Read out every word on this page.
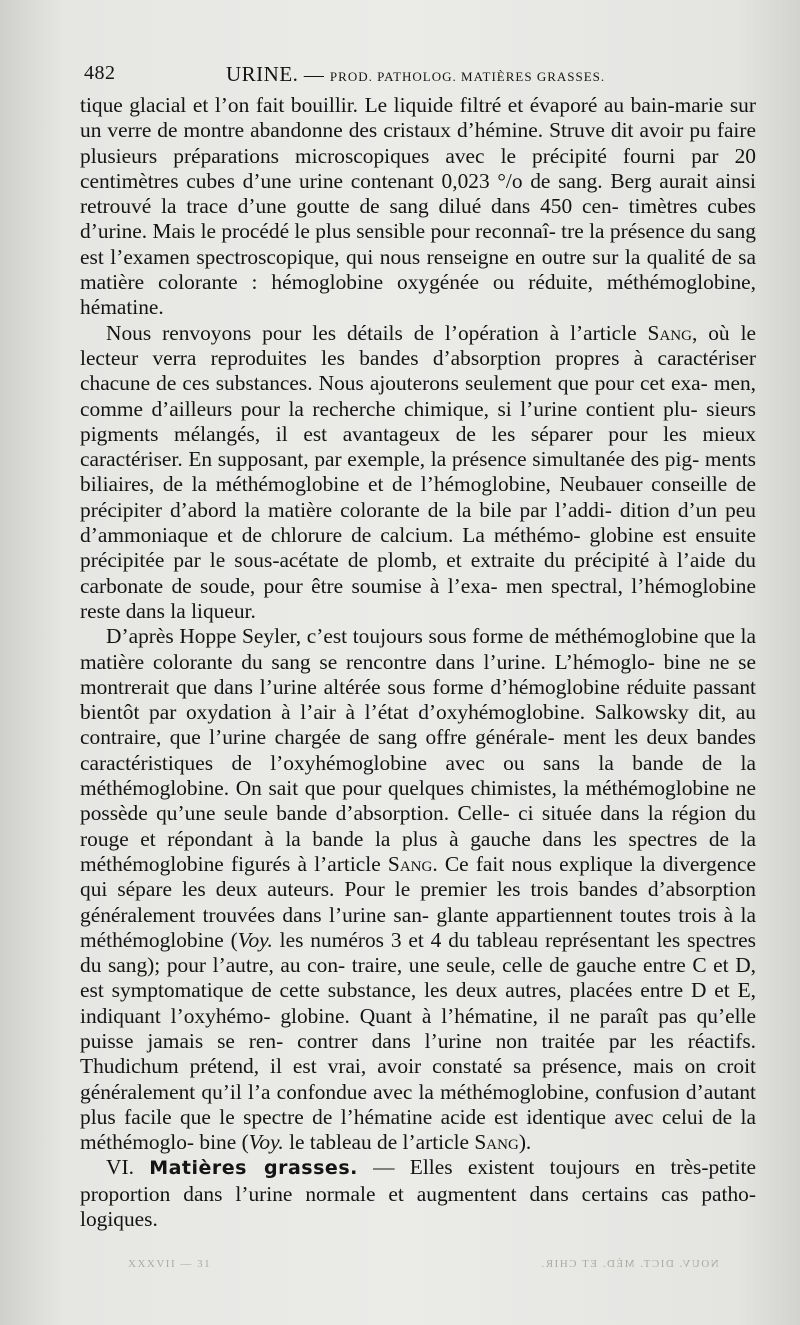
482	URINE. — PROD. PATHOLOG. MATIÈRES GRASSES.

tique glacial et l’on fait bouillir. Le liquide filtré et évaporé au bain-marie sur un verre de montre abandonne des cristaux d’hémine. Struve dit avoir pu faire plusieurs préparations microscopiques avec le précipité fourni par 20 centimètres cubes d’une urine contenant 0,023 °/o de sang. Berg aurait ainsi retrouvé la trace d’une goutte de sang dilué dans 450 cen- timètres cubes d’urine. Mais le procédé le plus sensible pour reconnaî- tre la présence du sang est l’examen spectroscopique, qui nous renseigne en outre sur la qualité de sa matière colorante : hémoglobine oxygénée ou réduite, méthémoglobine, hématine.

Nous renvoyons pour les détails de l’opération à l’article Sang, où le lecteur verra reproduites les bandes d’absorption propres à caractériser chacune de ces substances. Nous ajouterons seulement que pour cet exa- men, comme d’ailleurs pour la recherche chimique, si l’urine contient plu- sieurs pigments mélangés, il est avantageux de les séparer pour les mieux caractériser. En supposant, par exemple, la présence simultanée des pig- ments biliaires, de la méthémoglobine et de l’hémoglobine, Neubauer conseille de précipiter d’abord la matière colorante de la bile par l’addi- dition d’un peu d’ammoniaque et de chlorure de calcium. La méthémo- globine est ensuite précipitée par le sous-acétate de plomb, et extraite du précipité à l’aide du carbonate de soude, pour être soumise à l’exa- men spectral, l’hémoglobine reste dans la liqueur.

D’après Hoppe Seyler, c’est toujours sous forme de méthémoglobine que la matière colorante du sang se rencontre dans l’urine. L’hémoglo- bine ne se montrerait que dans l’urine altérée sous forme d’hémoglobine réduite passant bientôt par oxydation à l’air à l’état d’oxyhémoglobine. Salkowsky dit, au contraire, que l’urine chargée de sang offre générale- ment les deux bandes caractéristiques de l’oxyhémoglobine avec ou sans la bande de la méthémoglobine. On sait que pour quelques chimistes, la méthémoglobine ne possède qu’une seule bande d’absorption. Celle- ci située dans la région du rouge et répondant à la bande la plus à gauche dans les spectres de la méthémoglobine figurés à l’article Sang. Ce fait nous explique la divergence qui sépare les deux auteurs. Pour le premier les trois bandes d’absorption généralement trouvées dans l’urine san- glante appartiennent toutes trois à la méthémoglobine (Voy. les numéros 3 et 4 du tableau représentant les spectres du sang); pour l’autre, au con- traire, une seule, celle de gauche entre C et D, est symptomatique de cette substance, les deux autres, placées entre D et E, indiquant l’oxyhémo- globine. Quant à l’hématine, il ne paraît pas qu’elle puisse jamais se ren- contrer dans l’urine non traitée par les réactifs. Thudichum prétend, il est vrai, avoir constaté sa présence, mais on croit généralement qu’il l’a confondue avec la méthémoglobine, confusion d’autant plus facile que le spectre de l’hématine acide est identique avec celui de la méthémoglo- bine (Voy. le tableau de l’article Sang).

VI. Matières grasses. — Elles existent toujours en très-petite proportion dans l’urine normale et augmentent dans certains cas patho- logiques.

XXXVII — 31	NOUV. DICT. MÉD. ET CHIR.
